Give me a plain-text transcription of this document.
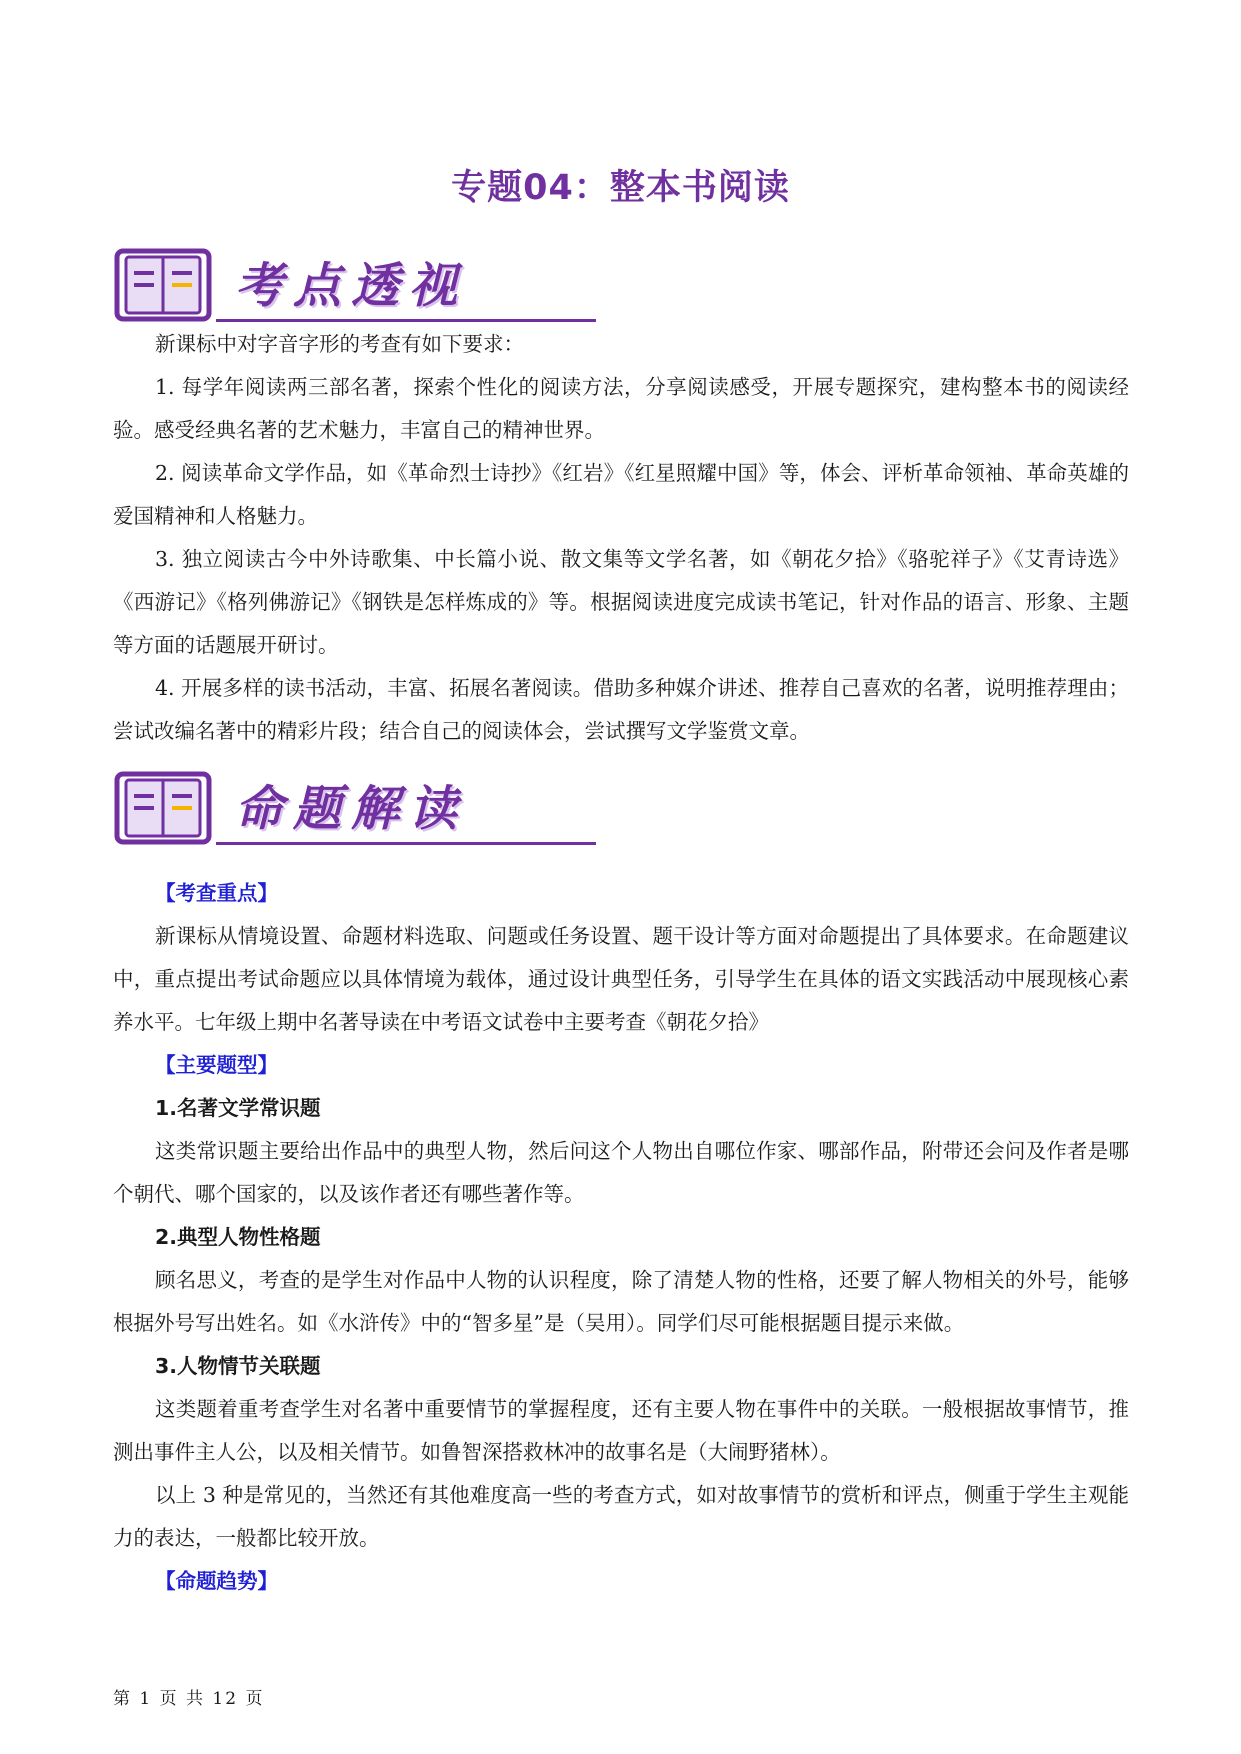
专题04：整本书阅读
考点透视

新课标中对字音字形的考查有如下要求：

1. 每学年阅读两三部名著，探索个性化的阅读方法，分享阅读感受，开展专题探究，建构整本书的阅读经验。感受经典名著的艺术魅力，丰富自己的精神世界。

2. 阅读革命文学作品，如《革命烈士诗抄》《红岩》《红星照耀中国》等，体会、评析革命领袖、革命英雄的爱国精神和人格魅力。

3. 独立阅读古今中外诗歌集、中长篇小说、散文集等文学名著，如《朝花夕拾》《骆驼祥子》《艾青诗选》《西游记》《格列佛游记》《钢铁是怎样炼成的》等。根据阅读进度完成读书笔记，针对作品的语言、形象、主题等方面的话题展开研讨。

4. 开展多样的读书活动，丰富、拓展名著阅读。借助多种媒介讲述、推荐自己喜欢的名著，说明推荐理由；尝试改编名著中的精彩片段；结合自己的阅读体会，尝试撰写文学鉴赏文章。

命题解读

【考查重点】

新课标从情境设置、命题材料选取、问题或任务设置、题干设计等方面对命题提出了具体要求。在命题建议中，重点提出考试命题应以具体情境为载体，通过设计典型任务，引导学生在具体的语文实践活动中展现核心素养水平。七年级上期中名著导读在中考语文试卷中主要考查《朝花夕拾》

【主要题型】

1.名著文学常识题

这类常识题主要给出作品中的典型人物，然后问这个人物出自哪位作家、哪部作品，附带还会问及作者是哪个朝代、哪个国家的，以及该作者还有哪些著作等。

2.典型人物性格题

顾名思义，考查的是学生对作品中人物的认识程度，除了清楚人物的性格，还要了解人物相关的外号，能够根据外号写出姓名。如《水浒传》中的“智多星”是（吴用）。同学们尽可能根据题目提示来做。

3.人物情节关联题

这类题着重考查学生对名著中重要情节的掌握程度，还有主要人物在事件中的关联。一般根据故事情节，推测出事件主人公，以及相关情节。如鲁智深搭救林冲的故事名是（大闹野猪林）。

以上 3 种是常见的，当然还有其他难度高一些的考查方式，如对故事情节的赏析和评点，侧重于学生主观能力的表达，一般都比较开放。

【命题趋势】

第 1 页 共 12 页
